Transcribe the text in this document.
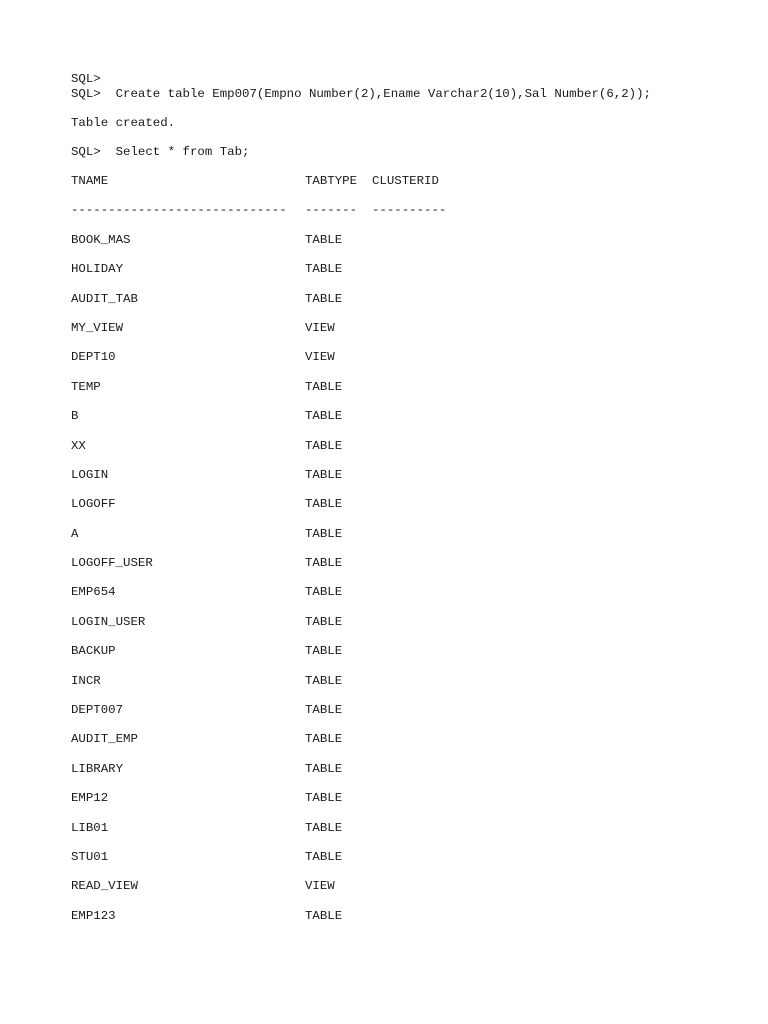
SQL>
SQL>  Create table Emp007(Empno Number(2),Ename Varchar2(10),Sal Number(6,2));
Table created.
SQL>  Select * from Tab;
TNAME	TABTYPE	CLUSTERID
-----------------------------	-------	----------
BOOK_MAS	TABLE
HOLIDAY	TABLE
AUDIT_TAB	TABLE
MY_VIEW	VIEW
DEPT10	VIEW
TEMP	TABLE
B	TABLE
XX	TABLE
LOGIN	TABLE
LOGOFF	TABLE
A	TABLE
LOGOFF_USER	TABLE
EMP654	TABLE
LOGIN_USER	TABLE
BACKUP	TABLE
INCR	TABLE
DEPT007	TABLE
AUDIT_EMP	TABLE
LIBRARY	TABLE
EMP12	TABLE
LIB01	TABLE
STU01	TABLE
READ_VIEW	VIEW
EMP123	TABLE
